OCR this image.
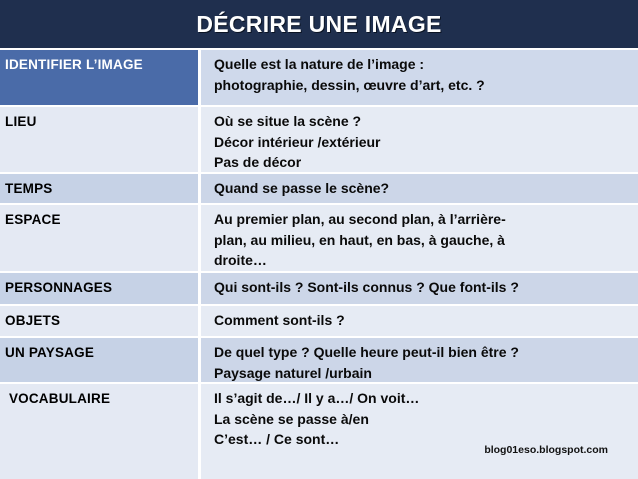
DÉCRIRE UNE IMAGE
IDENTIFIER L’IMAGE	Quelle est la nature de l’image :
photographie, dessin, œuvre d’art, etc. ?
LIEU	Où se situe la scène ?
Décor intérieur /extérieur
Pas de décor
TEMPS	Quand se passe le scène?
ESPACE	Au premier plan, au second plan, à l’arrière-
plan, au milieu, en haut, en bas, à gauche, à
droite…
PERSONNAGES	Qui sont-ils ? Sont-ils connus ? Que font-ils ?
OBJETS	Comment sont-ils ?
UN PAYSAGE	De quel type ? Quelle heure peut-il bien être ?
Paysage naturel /urbain
VOCABULAIRE	Il s’agit de…/ Il y a…/ On voit…
La scène se passe à/en
C’est… / Ce sont…
blog01eso.blogspot.com
